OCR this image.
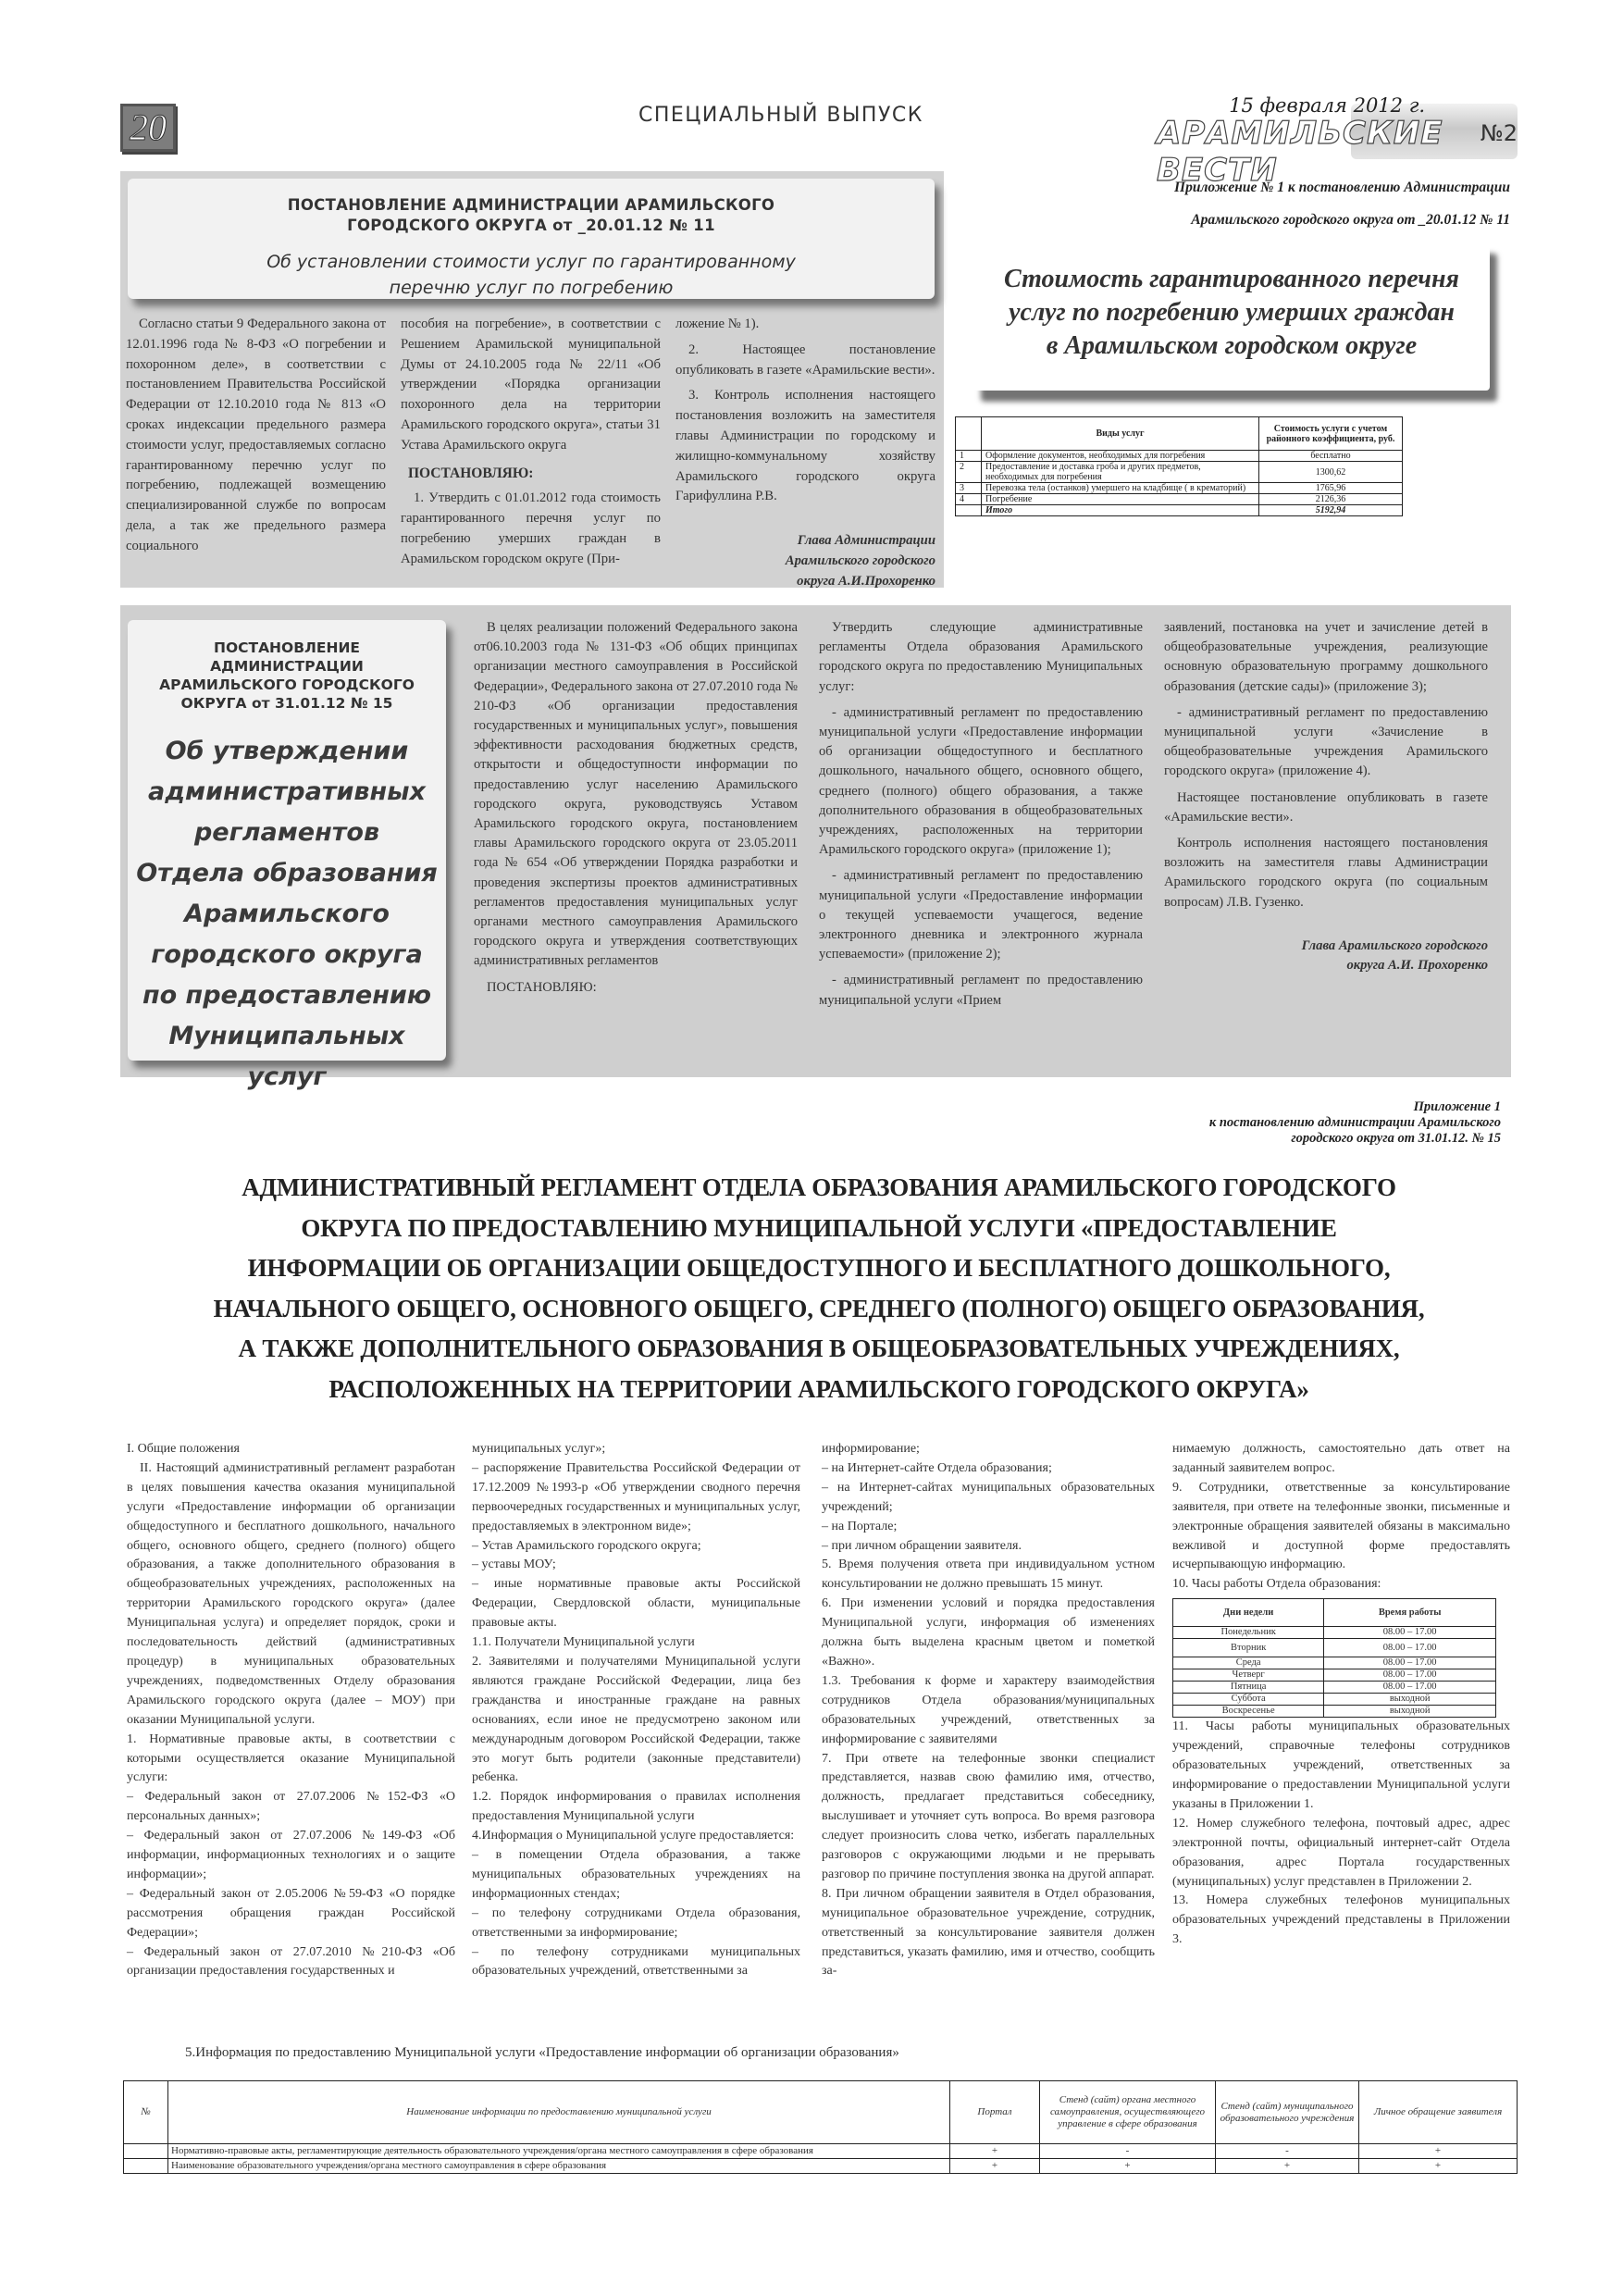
20	СПЕЦИАЛЬНЫЙ ВЫПУСК	15 февраля 2012 г.
АРАМИЛЬСКИЕ ВЕСТИ
№2
ПОСТАНОВЛЕНИЕ АДМИНИСТРАЦИИ АРАМИЛЬСКОГО
ГОРОДСКОГО ОКРУГА от _20.01.12 № 11
Об установлении стоимости услуг по гарантированному
перечню услуг по погребению

Согласно статьи 9 Федерального закона от 12.01.1996 года № 8-ФЗ «О погребении и похоронном деле», в соответствии с постановлением Правительства Российской Федерации от 12.10.2010 года № 813 «О сроках индексации предельного размера стоимости услуг, предоставляемых согласно гарантированному перечню услуг по погребению, подлежащей возмещению специализированной службе по вопросам дела, а так же предельного размера социального

пособия на погребение», в соответствии с Решением Арамильской муниципальной Думы от 24.10.2005 года № 22/11 «Об утверждении «Порядка организации похоронного дела на территории Арамильского городского округа», статьи 31 Устава Арамильского округа

ПОСТАНОВЛЯЮ:

1. Утвердить с 01.01.2012 года стоимость гарантированного перечня услуг по погребению умерших граждан в Арамильском городском округе (При-

ложение № 1).

2. Настоящее постановление опубликовать в газете «Арамильские вести».

3. Контроль исполнения настоящего постановления возложить на заместителя главы Администрации по городскому и жилищно-коммунальному хозяйству Арамильского городского округа Гарифуллина Р.В.

Глава Администрации
Арамильского городского
округа А.И.Прохоренко
Приложение № 1 к постановлению Администрации
Арамильского городского округа от _20.01.12 № 11
Стоимость гарантированного перечня
услуг по погребению умерших граждан
в Арамильском городском округе
	Виды услуг	Стоимость услуги с учетом районного коэффициента, руб.
1	Оформление документов, необходимых для погребения	бесплатно
2	Предоставление и доставка гроба и других предметов, необходимых для погребения	1300,62
3	Перевозка тела (останков) умершего на кладбище ( в крематорий)	1765,96
4	Погребение	2126,36
	Итого	5192,94
ПОСТАНОВЛЕНИЕ
АДМИНИСТРАЦИИ
АРАМИЛЬСКОГО ГОРОДСКОГО
ОКРУГА от 31.01.12 № 15
Об утверждении
административных
регламентов
Отдела образования
Арамильского
городского округа
по предоставлению
Муниципальных услуг

В целях реализации положений Федерального закона от06.10.2003 года № 131-ФЗ «Об общих принципах организации местного самоуправления в Российской Федерации», Федерального закона от 27.07.2010 года № 210-ФЗ «Об организации предоставления государственных и муниципальных услуг», повышения эффективности расходования бюджетных средств, открытости и общедоступности информации по предоставлению услуг населению Арамильского городского округа, руководствуясь Уставом Арамильского городского округа, постановлением главы Арамильского городского округа от 23.05.2011 года № 654 «Об утверждении Порядка разработки и проведения экспертизы проектов административных регламентов предоставления муниципальных услуг органами местного самоуправления Арамильского городского округа и утверждения соответствующих административных регламентов

ПОСТАНОВЛЯЮ:

Утвердить следующие административные регламенты Отдела образования Арамильского городского округа по предоставлению Муниципальных услуг:

- административный регламент по предоставлению муниципальной услуги «Предоставление информации об организации общедоступного и бесплатного дошкольного, начального общего, основного общего, среднего (полного) общего образования, а также дополнительного образования в общеобразовательных учреждениях, расположенных на территории Арамильского городского округа» (приложение 1);

- административный регламент по предоставлению муниципальной услуги «Предоставление информации о текущей успеваемости учащегося, ведение электронного дневника и электронного журнала успеваемости» (приложение 2);

- административный регламент по предоставлению муниципальной услуги «Прием

заявлений, постановка на учет и зачисление детей в общеобразовательные учреждения, реализующие основную образовательную программу дошкольного образования (детские сады)» (приложение 3);

- административный регламент по предоставлению муниципальной услуги «Зачисление в общеобразовательные учреждения Арамильского городского округа» (приложение 4).

Настоящее постановление опубликовать в газете «Арамильские вести».

Контроль исполнения настоящего постановления возложить на заместителя главы Администрации Арамильского городского округа (по социальным вопросам) Л.В. Гузенко.

Глава Арамильского городского
округа А.И. Прохоренко
Приложение 1
к постановлению администрации Арамильского
городского округа от 31.01.12. № 15
АДМИНИСТРАТИВНЫЙ РЕГЛАМЕНТ ОТДЕЛА ОБРАЗОВАНИЯ АРАМИЛЬСКОГО ГОРОДСКОГО
ОКРУГА ПО ПРЕДОСТАВЛЕНИЮ МУНИЦИПАЛЬНОЙ УСЛУГИ «ПРЕДОСТАВЛЕНИЕ
ИНФОРМАЦИИ ОБ ОРГАНИЗАЦИИ ОБЩЕДОСТУПНОГО И БЕСПЛАТНОГО ДОШКОЛЬНОГО,
НАЧАЛЬНОГО ОБЩЕГО, ОСНОВНОГО ОБЩЕГО, СРЕДНЕГО (ПОЛНОГО) ОБЩЕГО ОБРАЗОВАНИЯ,
А ТАКЖЕ ДОПОЛНИТЕЛЬНОГО ОБРАЗОВАНИЯ В ОБЩЕОБРАЗОВАТЕЛЬНЫХ УЧРЕЖДЕНИЯХ,
РАСПОЛОЖЕННЫХ НА ТЕРРИТОРИИ АРАМИЛЬСКОГО ГОРОДСКОГО ОКРУГА»

I. Общие положения

II. Настоящий административный регламент разработан в целях повышения качества оказания муниципальной услуги «Предоставление информации об организации общедоступного и бесплатного дошкольного, начального общего, основного общего, среднего (полного) общего образования, а также дополнительного образования в общеобразовательных учреждениях, расположенных на территории Арамильского городского округа» (далее Муниципальная услуга) и определяет порядок, сроки и последовательность действий (административных процедур) в муниципальных образовательных учреждениях, подведомственных Отделу образования Арамильского городского округа (далее – МОУ) при оказании Муниципальной услуги.

1. Нормативные правовые акты, в соответствии с которыми осуществляется оказание Муниципальной услуги:

– Федеральный закон от 27.07.2006 №152-ФЗ «О персональных данных»;

– Федеральный закон от 27.07.2006 №149-ФЗ «Об информации, информационных технологиях и о защите информации»;

– Федеральный закон от 2.05.2006 №59-ФЗ «О порядке рассмотрения обращения граждан Российской Федерации»;

– Федеральный закон от 27.07.2010 №210-ФЗ «Об организации предоставления государственных и

муниципальных услуг»;

– распоряжение Правительства Российской Федерации от 17.12.2009 №1993-р «Об утверждении сводного перечня первоочередных государственных и муниципальных услуг, предоставляемых в электронном виде»;

– Устав Арамильского городского округа;

– уставы МОУ;

– иные нормативные правовые акты Российской Федерации, Свердловской области, муниципальные правовые акты.

1.1. Получатели Муниципальной услуги

2. Заявителями и получателями Муниципальной услуги являются граждане Российской Федерации, лица без гражданства и иностранные граждане на равных основаниях, если иное не предусмотрено законом или международным договором Российской Федерации, также это могут быть родители (законные представители) ребенка.

1.2. Порядок информирования о правилах исполнения предоставления Муниципальной услуги

4.Информация о Муниципальной услуге предоставляется:

– в помещении Отдела образования, а также муниципальных образовательных учреждениях на информационных стендах;

– по телефону сотрудниками Отдела образования, ответственными за информирование;

– по телефону сотрудниками муниципальных образовательных учреждений, ответственными за

информирование;

– на Интернет-сайте Отдела образования;

– на Интернет-сайтах муниципальных образовательных учреждений;

– на Портале;

– при личном обращении заявителя.

5. Время получения ответа при индивидуальном устном консультировании не должно превышать 15 минут.

6. При изменении условий и порядка предоставления Муниципальной услуги, информация об изменениях должна быть выделена красным цветом и пометкой «Важно».

1.3. Требования к форме и характеру взаимодействия сотрудников Отдела образования/муниципальных образовательных учреждений, ответственных за информирование с заявителями

7. При ответе на телефонные звонки специалист представляется, назвав свою фамилию имя, отчество, должность, предлагает представиться собеседнику, выслушивает и уточняет суть вопроса. Во время разговора следует произносить слова четко, избегать параллельных разговоров с окружающими людьми и не прерывать разговор по причине поступления звонка на другой аппарат.

8. При личном обращении заявителя в Отдел образования, муниципальное образовательное учреждение, сотрудник, ответственный за консультирование заявителя должен представиться, указать фамилию, имя и отчество, сообщить за-

нимаемую должность, самостоятельно дать ответ на заданный заявителем вопрос.

9. Сотрудники, ответственные за консультирование заявителя, при ответе на телефонные звонки, письменные и электронные обращения заявителей обязаны в максимально вежливой и доступной форме предоставлять исчерпывающую информацию.

10. Часы работы Отдела образования:

Дни недели	Время работы
Понедельник	08.00 – 17.00
Вторник	08.00 – 17.00
Среда	08.00 – 17.00
Четверг	08.00 – 17.00
Пятница	08.00 – 17.00
Суббота	выходной
Воскресенье	выходной

11. Часы работы муниципальных образовательных учреждений, справочные телефоны сотрудников образовательных учреждений, ответственных за информирование о предоставлении Муниципальной услуги указаны в Приложении 1.

12. Номер служебного телефона, почтовый адрес, адрес электронной почты, официальный интернет-сайт Отдела образования, адрес Портала государственных (муниципальных) услуг представлен в Приложении 2.

13. Номера служебных телефонов муниципальных образовательных учреждений представлены в Приложении 3.

5.Информация по предоставлению Муниципальной услуги «Предоставление информации об организации образования»
№	Наименование информации по предоставлению муниципальной услуги	Портал	Стенд (сайт) органа местного самоуправления, осуществляющего управление в сфере образования	Стенд (сайт) муниципального образовательного учреждения	Личное обращение заявителя
	Нормативно-правовые акты, регламентирующие деятельность образовательного учреждения/органа местного самоуправления в сфере образования	+	-	-	+
	Наименование образовательного учреждения/органа местного самоуправления в сфере образования	+	+	+	+
